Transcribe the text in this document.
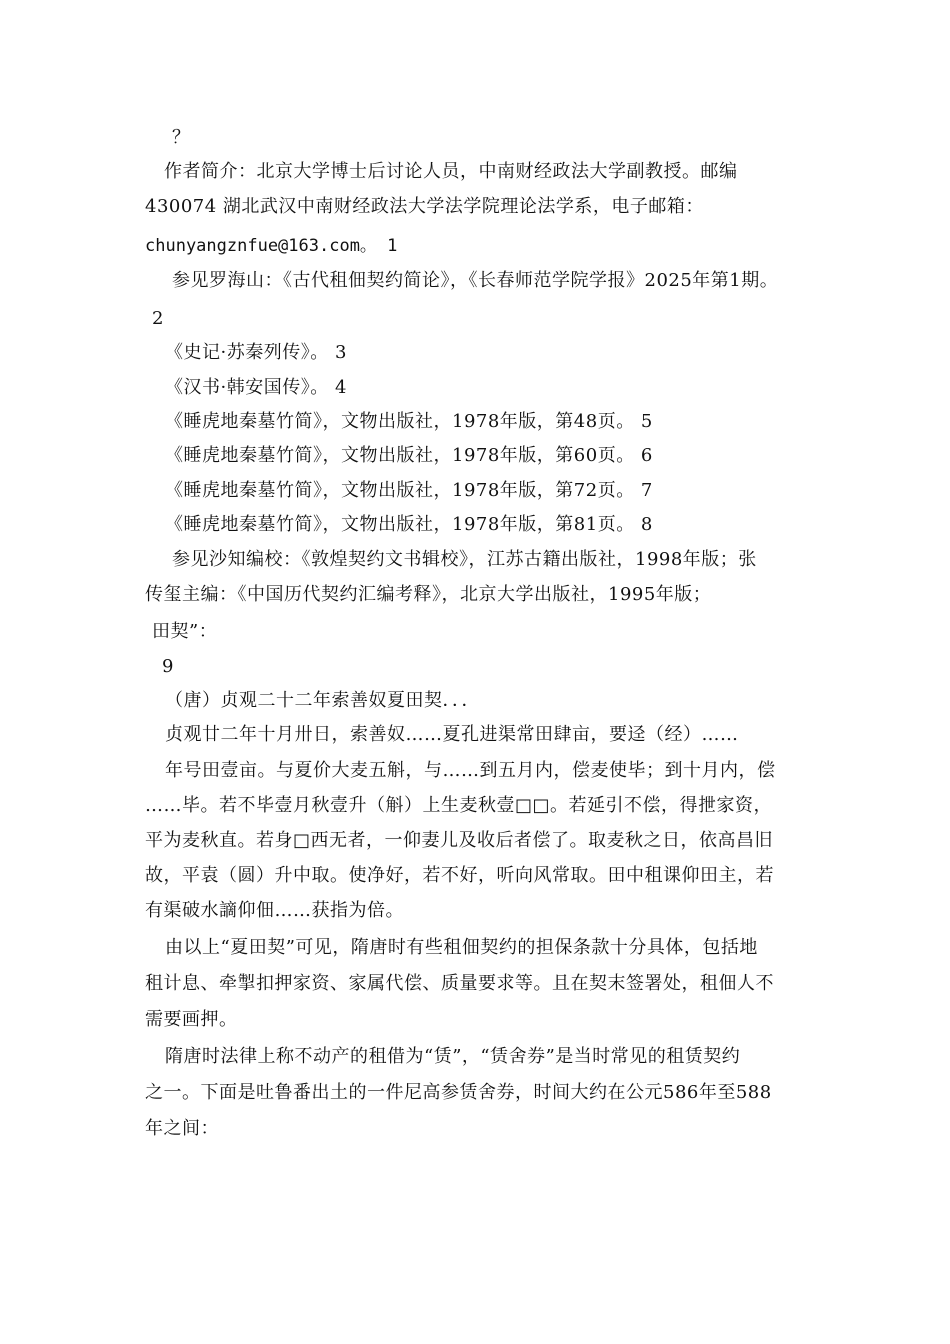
？
作者简介：北京大学博士后讨论人员，中南财经政法大学副教授。邮编
430074 湖北武汉中南财经政法大学法学院理论法学系，电子邮箱：
chunyangznfue@163.com。 1
参见罗海山：《古代租佃契约简论》，《长春师范学院学报》2025年第1期。
2
《史记·苏秦列传》。 3
《汉书·韩安国传》。 4
《睡虎地秦墓竹简》，文物出版社，1978年版，第48页。 5
《睡虎地秦墓竹简》，文物出版社，1978年版，第60页。 6
《睡虎地秦墓竹简》，文物出版社，1978年版，第72页。 7
《睡虎地秦墓竹简》，文物出版社，1978年版，第81页。 8
参见沙知编校：《敦煌契约文书辑校》，江苏古籍出版社，1998年版；张
传玺主编：《中国历代契约汇编考释》，北京大学出版社，1995年版；
田契”：
9
（唐）贞观二十二年索善奴夏田契．．．
贞观廿二年十月卅日，索善奴……夏孔进渠常田肆亩，要迳（经）……
年号田壹亩。与夏价大麦五斛，与……到五月内，偿麦使毕；到十月内，偿
……毕。若不毕壹月秋壹升（斛）上生麦秋壹□□。若延引不偿，得抴家资，
平为麦秋直。若身□西无者，一仰妻儿及收后者偿了。取麦秋之日，依高昌旧
故，平袁（圆）升中取。使净好，若不好，听向风常取。田中租课仰田主，若
有渠破水謫仰佃……获指为倍。
由以上“夏田契”可见，隋唐时有些租佃契约的担保条款十分具体，包括地
租计息、牵掣扣押家资、家属代偿、质量要求等。且在契末签署处，租佃人不
需要画押。
隋唐时法律上称不动产的租借为“赁”，“赁舍券”是当时常见的租赁契约
之一。下面是吐鲁番出土的一件尼高参赁舍券，时间大约在公元586年至588
年之间：
